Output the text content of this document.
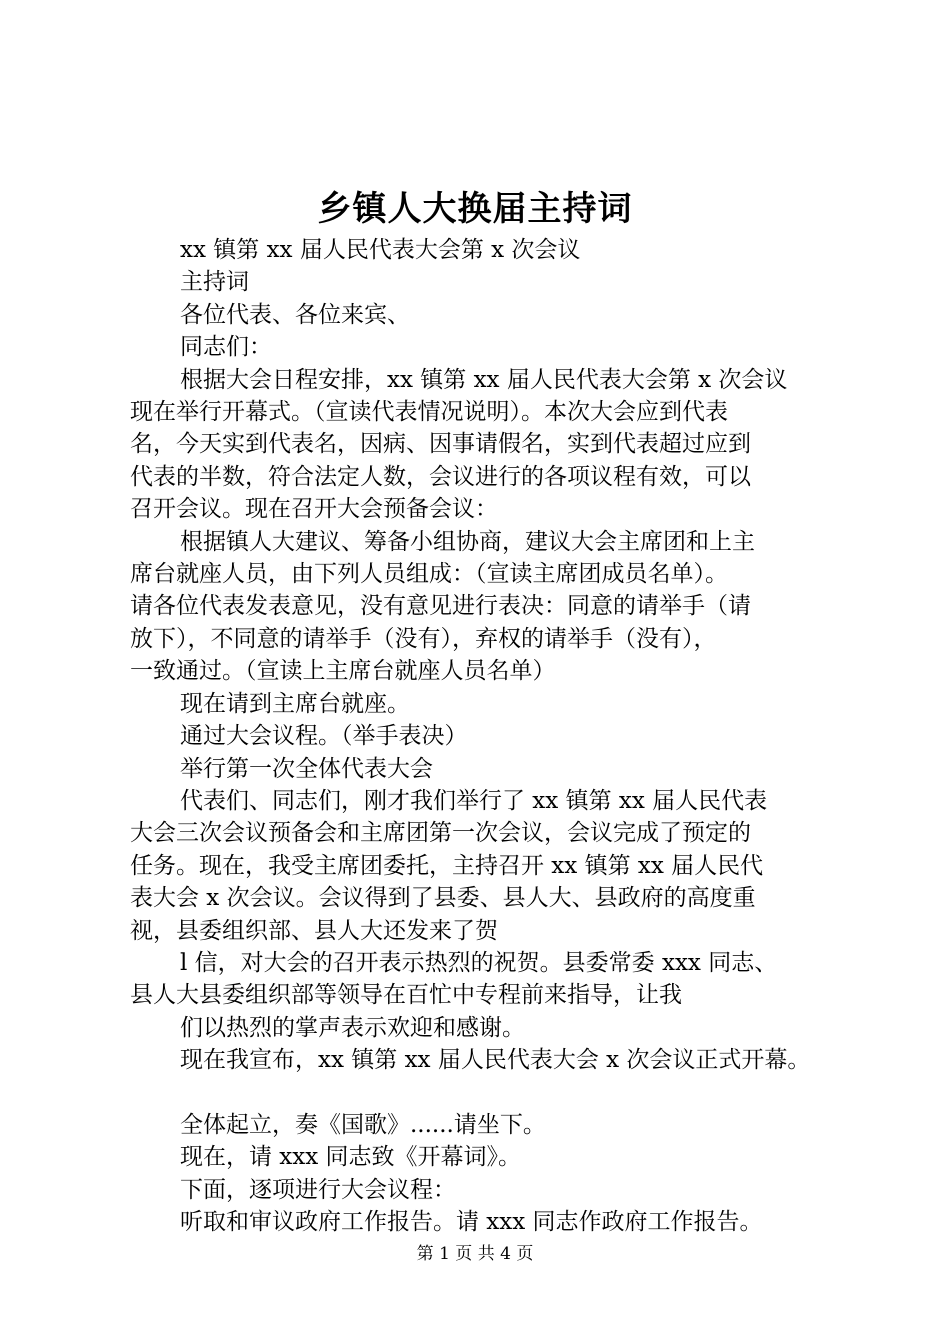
乡镇人大换届主持词

xx 镇第 xx 届人民代表大会第 x 次会议

主持词

各位代表、各位来宾、

同志们：

根据大会日程安排，xx 镇第 xx 届人民代表大会第 x 次会议

现在举行开幕式。（宣读代表情况说明）。本次大会应到代表

名，今天实到代表名，因病、因事请假名，实到代表超过应到

代表的半数，符合法定人数，会议进行的各项议程有效，可以

召开会议。现在召开大会预备会议：

根据镇人大建议、筹备小组协商，建议大会主席团和上主

席台就座人员，由下列人员组成：（宣读主席团成员名单）。

请各位代表发表意见，没有意见进行表决：同意的请举手（请

放下），不同意的请举手（没有），弃权的请举手（没有），

一致通过。（宣读上主席台就座人员名单）

现在请到主席台就座。

通过大会议程。（举手表决）

举行第一次全体代表大会

代表们、同志们，刚才我们举行了 xx 镇第 xx 届人民代表

大会三次会议预备会和主席团第一次会议，会议完成了预定的

任务。现在，我受主席团委托，主持召开 xx 镇第 xx 届人民代

表大会 x 次会议。会议得到了县委、县人大、县政府的高度重

视，县委组织部、县人大还发来了贺

l 信，对大会的召开表示热烈的祝贺。县委常委 xxx 同志、

县人大县委组织部等领导在百忙中专程前来指导，让我

们以热烈的掌声表示欢迎和感谢。

现在我宣布，xx 镇第 xx 届人民代表大会 x 次会议正式开幕。

全体起立，奏《国歌》......请坐下。

现在，请 xxx 同志致《开幕词》。

下面，逐项进行大会议程：

听取和审议政府工作报告。请 xxx 同志作政府工作报告。

第 1 页 共 4 页
